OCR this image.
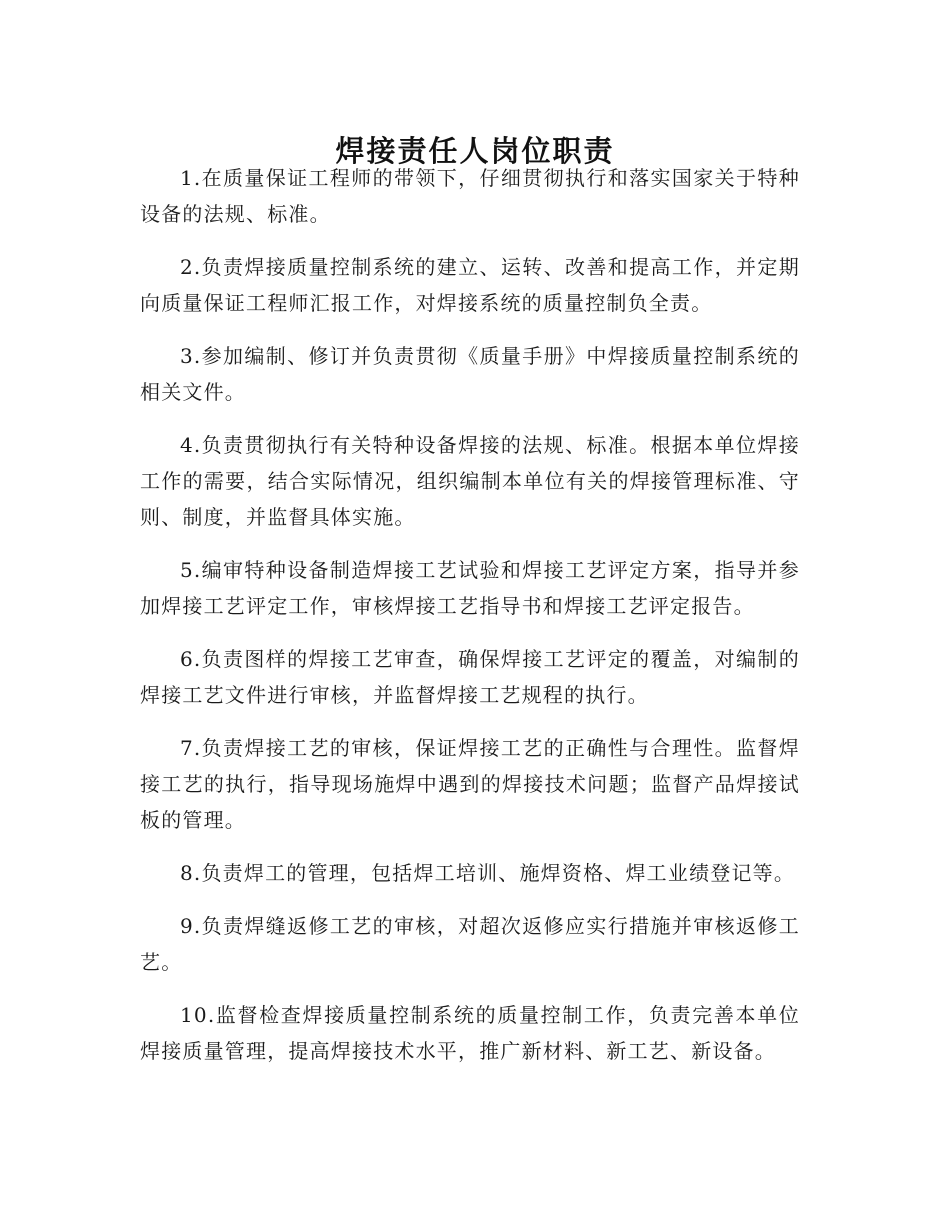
焊接责任人岗位职责

1.在质量保证工程师的带领下，仔细贯彻执行和落实国家关于特种设备的法规、标准。

2.负责焊接质量控制系统的建立、运转、改善和提高工作，并定期向质量保证工程师汇报工作，对焊接系统的质量控制负全责。

3.参加编制、修订并负责贯彻《质量手册》中焊接质量控制系统的相关文件。

4.负责贯彻执行有关特种设备焊接的法规、标准。根据本单位焊接工作的需要，结合实际情况，组织编制本单位有关的焊接管理标准、守则、制度，并监督具体实施。

5.编审特种设备制造焊接工艺试验和焊接工艺评定方案，指导并参加焊接工艺评定工作，审核焊接工艺指导书和焊接工艺评定报告。

6.负责图样的焊接工艺审查，确保焊接工艺评定的覆盖，对编制的焊接工艺文件进行审核，并监督焊接工艺规程的执行。

7.负责焊接工艺的审核，保证焊接工艺的正确性与合理性。监督焊接工艺的执行，指导现场施焊中遇到的焊接技术问题；监督产品焊接试板的管理。

8.负责焊工的管理，包括焊工培训、施焊资格、焊工业绩登记等。

9.负责焊缝返修工艺的审核，对超次返修应实行措施并审核返修工艺。

10.监督检查焊接质量控制系统的质量控制工作，负责完善本单位焊接质量管理，提高焊接技术水平，推广新材料、新工艺、新设备。
